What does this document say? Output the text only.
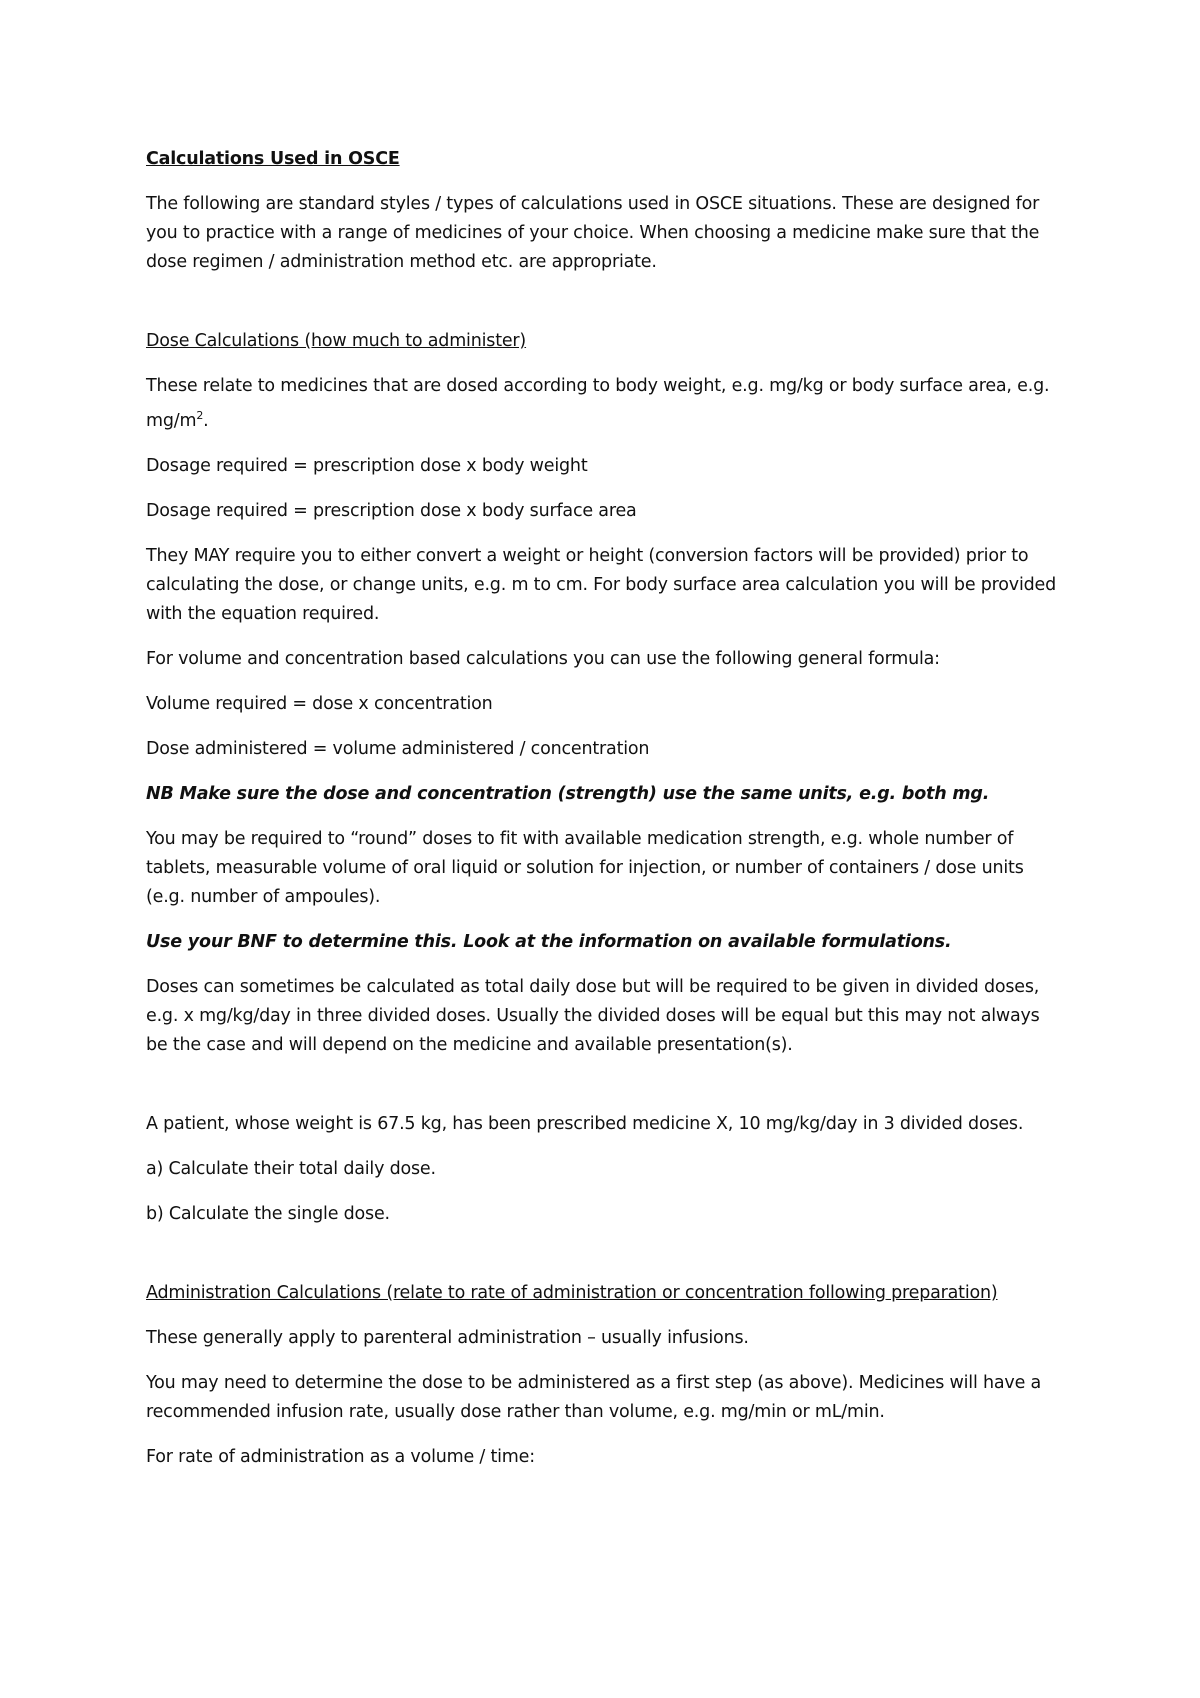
Calculations Used in OSCE

The following are standard styles / types of calculations used in OSCE situations. These are designed for you to practice with a range of medicines of your choice. When choosing a medicine make sure that the dose regimen / administration method etc. are appropriate.

Dose Calculations (how much to administer)

These relate to medicines that are dosed according to body weight, e.g. mg/kg or body surface area, e.g. $mg/m^2$.

Dosage required = prescription dose x body weight

Dosage required = prescription dose x body surface area

They MAY require you to either convert a weight or height (conversion factors will be provided) prior to calculating the dose, or change units, e.g. m to cm. For body surface area calculation you will be provided with the equation required.

For volume and concentration based calculations you can use the following general formula:

Volume required = dose x concentration

Dose administered = volume administered / concentration

NB Make sure the dose and concentration (strength) use the same units, e.g. both mg.

You may be required to “round” doses to fit with available medication strength, e.g. whole number of tablets, measurable volume of oral liquid or solution for injection, or number of containers / dose units (e.g. number of ampoules).

Use your BNF to determine this. Look at the information on available formulations.

Doses can sometimes be calculated as total daily dose but will be required to be given in divided doses, e.g. x mg/kg/day in three divided doses. Usually the divided doses will be equal but this may not always be the case and will depend on the medicine and available presentation(s).

A patient, whose weight is 67.5 kg, has been prescribed medicine X, 10 mg/kg/day in 3 divided doses.

a) Calculate their total daily dose.

b) Calculate the single dose.

Administration Calculations (relate to rate of administration or concentration following preparation)

These generally apply to parenteral administration – usually infusions.

You may need to determine the dose to be administered as a first step (as above). Medicines will have a recommended infusion rate, usually dose rather than volume, e.g. mg/min or mL/min.

For rate of administration as a volume / time:
